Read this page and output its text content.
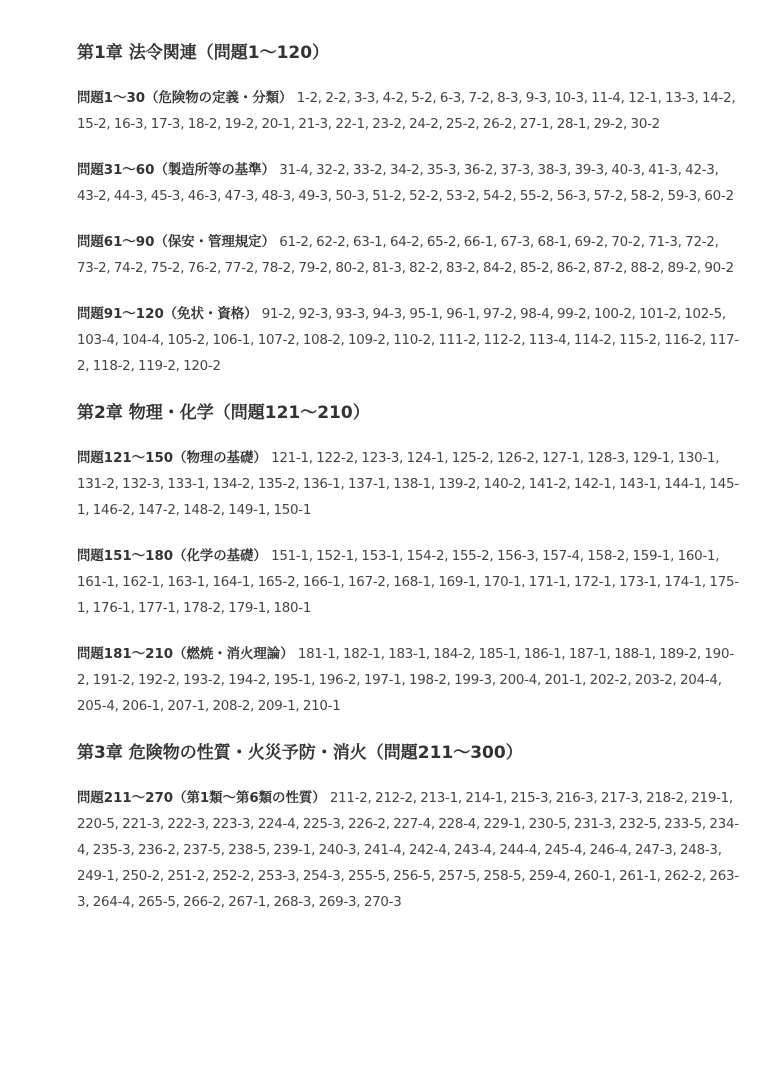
第1章 法令関連（問題1〜120）
問題1〜30（危険物の定義・分類） 1-2, 2-2, 3-3, 4-2, 5-2, 6-3, 7-2, 8-3, 9-3, 10-3, 11-4, 12-1, 13-3, 14-2, 15-2, 16-3, 17-3, 18-2, 19-2, 20-1, 21-3, 22-1, 23-2, 24-2, 25-2, 26-2, 27-1, 28-1, 29-2, 30-2
問題31〜60（製造所等の基準） 31-4, 32-2, 33-2, 34-2, 35-3, 36-2, 37-3, 38-3, 39-3, 40-3, 41-3, 42-3, 43-2, 44-3, 45-3, 46-3, 47-3, 48-3, 49-3, 50-3, 51-2, 52-2, 53-2, 54-2, 55-2, 56-3, 57-2, 58-2, 59-3, 60-2
問題61〜90（保安・管理規定） 61-2, 62-2, 63-1, 64-2, 65-2, 66-1, 67-3, 68-1, 69-2, 70-2, 71-3, 72-2, 73-2, 74-2, 75-2, 76-2, 77-2, 78-2, 79-2, 80-2, 81-3, 82-2, 83-2, 84-2, 85-2, 86-2, 87-2, 88-2, 89-2, 90-2
問題91〜120（免状・資格） 91-2, 92-3, 93-3, 94-3, 95-1, 96-1, 97-2, 98-4, 99-2, 100-2, 101-2, 102-5, 103-4, 104-4, 105-2, 106-1, 107-2, 108-2, 109-2, 110-2, 111-2, 112-2, 113-4, 114-2, 115-2, 116-2, 117-2, 118-2, 119-2, 120-2
第2章 物理・化学（問題121〜210）
問題121〜150（物理の基礎） 121-1, 122-2, 123-3, 124-1, 125-2, 126-2, 127-1, 128-3, 129-1, 130-1, 131-2, 132-3, 133-1, 134-2, 135-2, 136-1, 137-1, 138-1, 139-2, 140-2, 141-2, 142-1, 143-1, 144-1, 145-1, 146-2, 147-2, 148-2, 149-1, 150-1
問題151〜180（化学の基礎） 151-1, 152-1, 153-1, 154-2, 155-2, 156-3, 157-4, 158-2, 159-1, 160-1, 161-1, 162-1, 163-1, 164-1, 165-2, 166-1, 167-2, 168-1, 169-1, 170-1, 171-1, 172-1, 173-1, 174-1, 175-1, 176-1, 177-1, 178-2, 179-1, 180-1
問題181〜210（燃焼・消火理論） 181-1, 182-1, 183-1, 184-2, 185-1, 186-1, 187-1, 188-1, 189-2, 190-2, 191-2, 192-2, 193-2, 194-2, 195-1, 196-2, 197-1, 198-2, 199-3, 200-4, 201-1, 202-2, 203-2, 204-4, 205-4, 206-1, 207-1, 208-2, 209-1, 210-1
第3章 危険物の性質・火災予防・消火（問題211〜300）
問題211〜270（第1類〜第6類の性質） 211-2, 212-2, 213-1, 214-1, 215-3, 216-3, 217-3, 218-2, 219-1, 220-5, 221-3, 222-3, 223-3, 224-4, 225-3, 226-2, 227-4, 228-4, 229-1, 230-5, 231-3, 232-5, 233-5, 234-4, 235-3, 236-2, 237-5, 238-5, 239-1, 240-3, 241-4, 242-4, 243-4, 244-4, 245-4, 246-4, 247-3, 248-3, 249-1, 250-2, 251-2, 252-2, 253-3, 254-3, 255-5, 256-5, 257-5, 258-5, 259-4, 260-1, 261-1, 262-2, 263-3, 264-4, 265-5, 266-2, 267-1, 268-3, 269-3, 270-3
